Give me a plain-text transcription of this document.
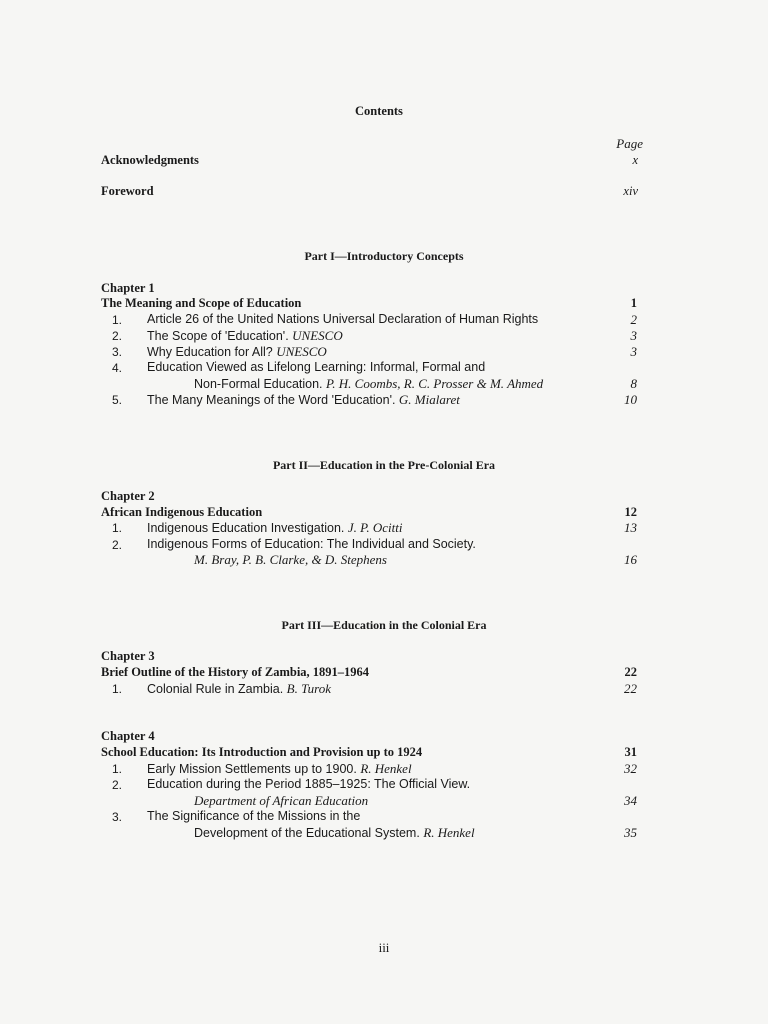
Contents
Page
Acknowledgments	x
Foreword	xiv
Part I—Introductory Concepts
Chapter 1
The Meaning and Scope of Education	1
1. Article 26 of the United Nations Universal Declaration of Human Rights	2
2. The Scope of 'Education'. UNESCO	3
3. Why Education for All? UNESCO	3
4. Education Viewed as Lifelong Learning: Informal, Formal and
Non-Formal Education. P. H. Coombs, R. C. Prosser & M. Ahmed	8
5. The Many Meanings of the Word 'Education'. G. Mialaret	10
Part II—Education in the Pre-Colonial Era
Chapter 2
African Indigenous Education	12
1. Indigenous Education Investigation. J. P. Ocitti	13
2. Indigenous Forms of Education: The Individual and Society.
M. Bray, P. B. Clarke, & D. Stephens	16
Part III—Education in the Colonial Era
Chapter 3
Brief Outline of the History of Zambia, 1891–1964	22
1. Colonial Rule in Zambia. B. Turok	22
Chapter 4
School Education: Its Introduction and Provision up to 1924	31
1. Early Mission Settlements up to 1900. R. Henkel	32
2. Education during the Period 1885–1925: The Official View.
Department of African Education	34
3. The Significance of the Missions in the
Development of the Educational System. R. Henkel	35
iii
